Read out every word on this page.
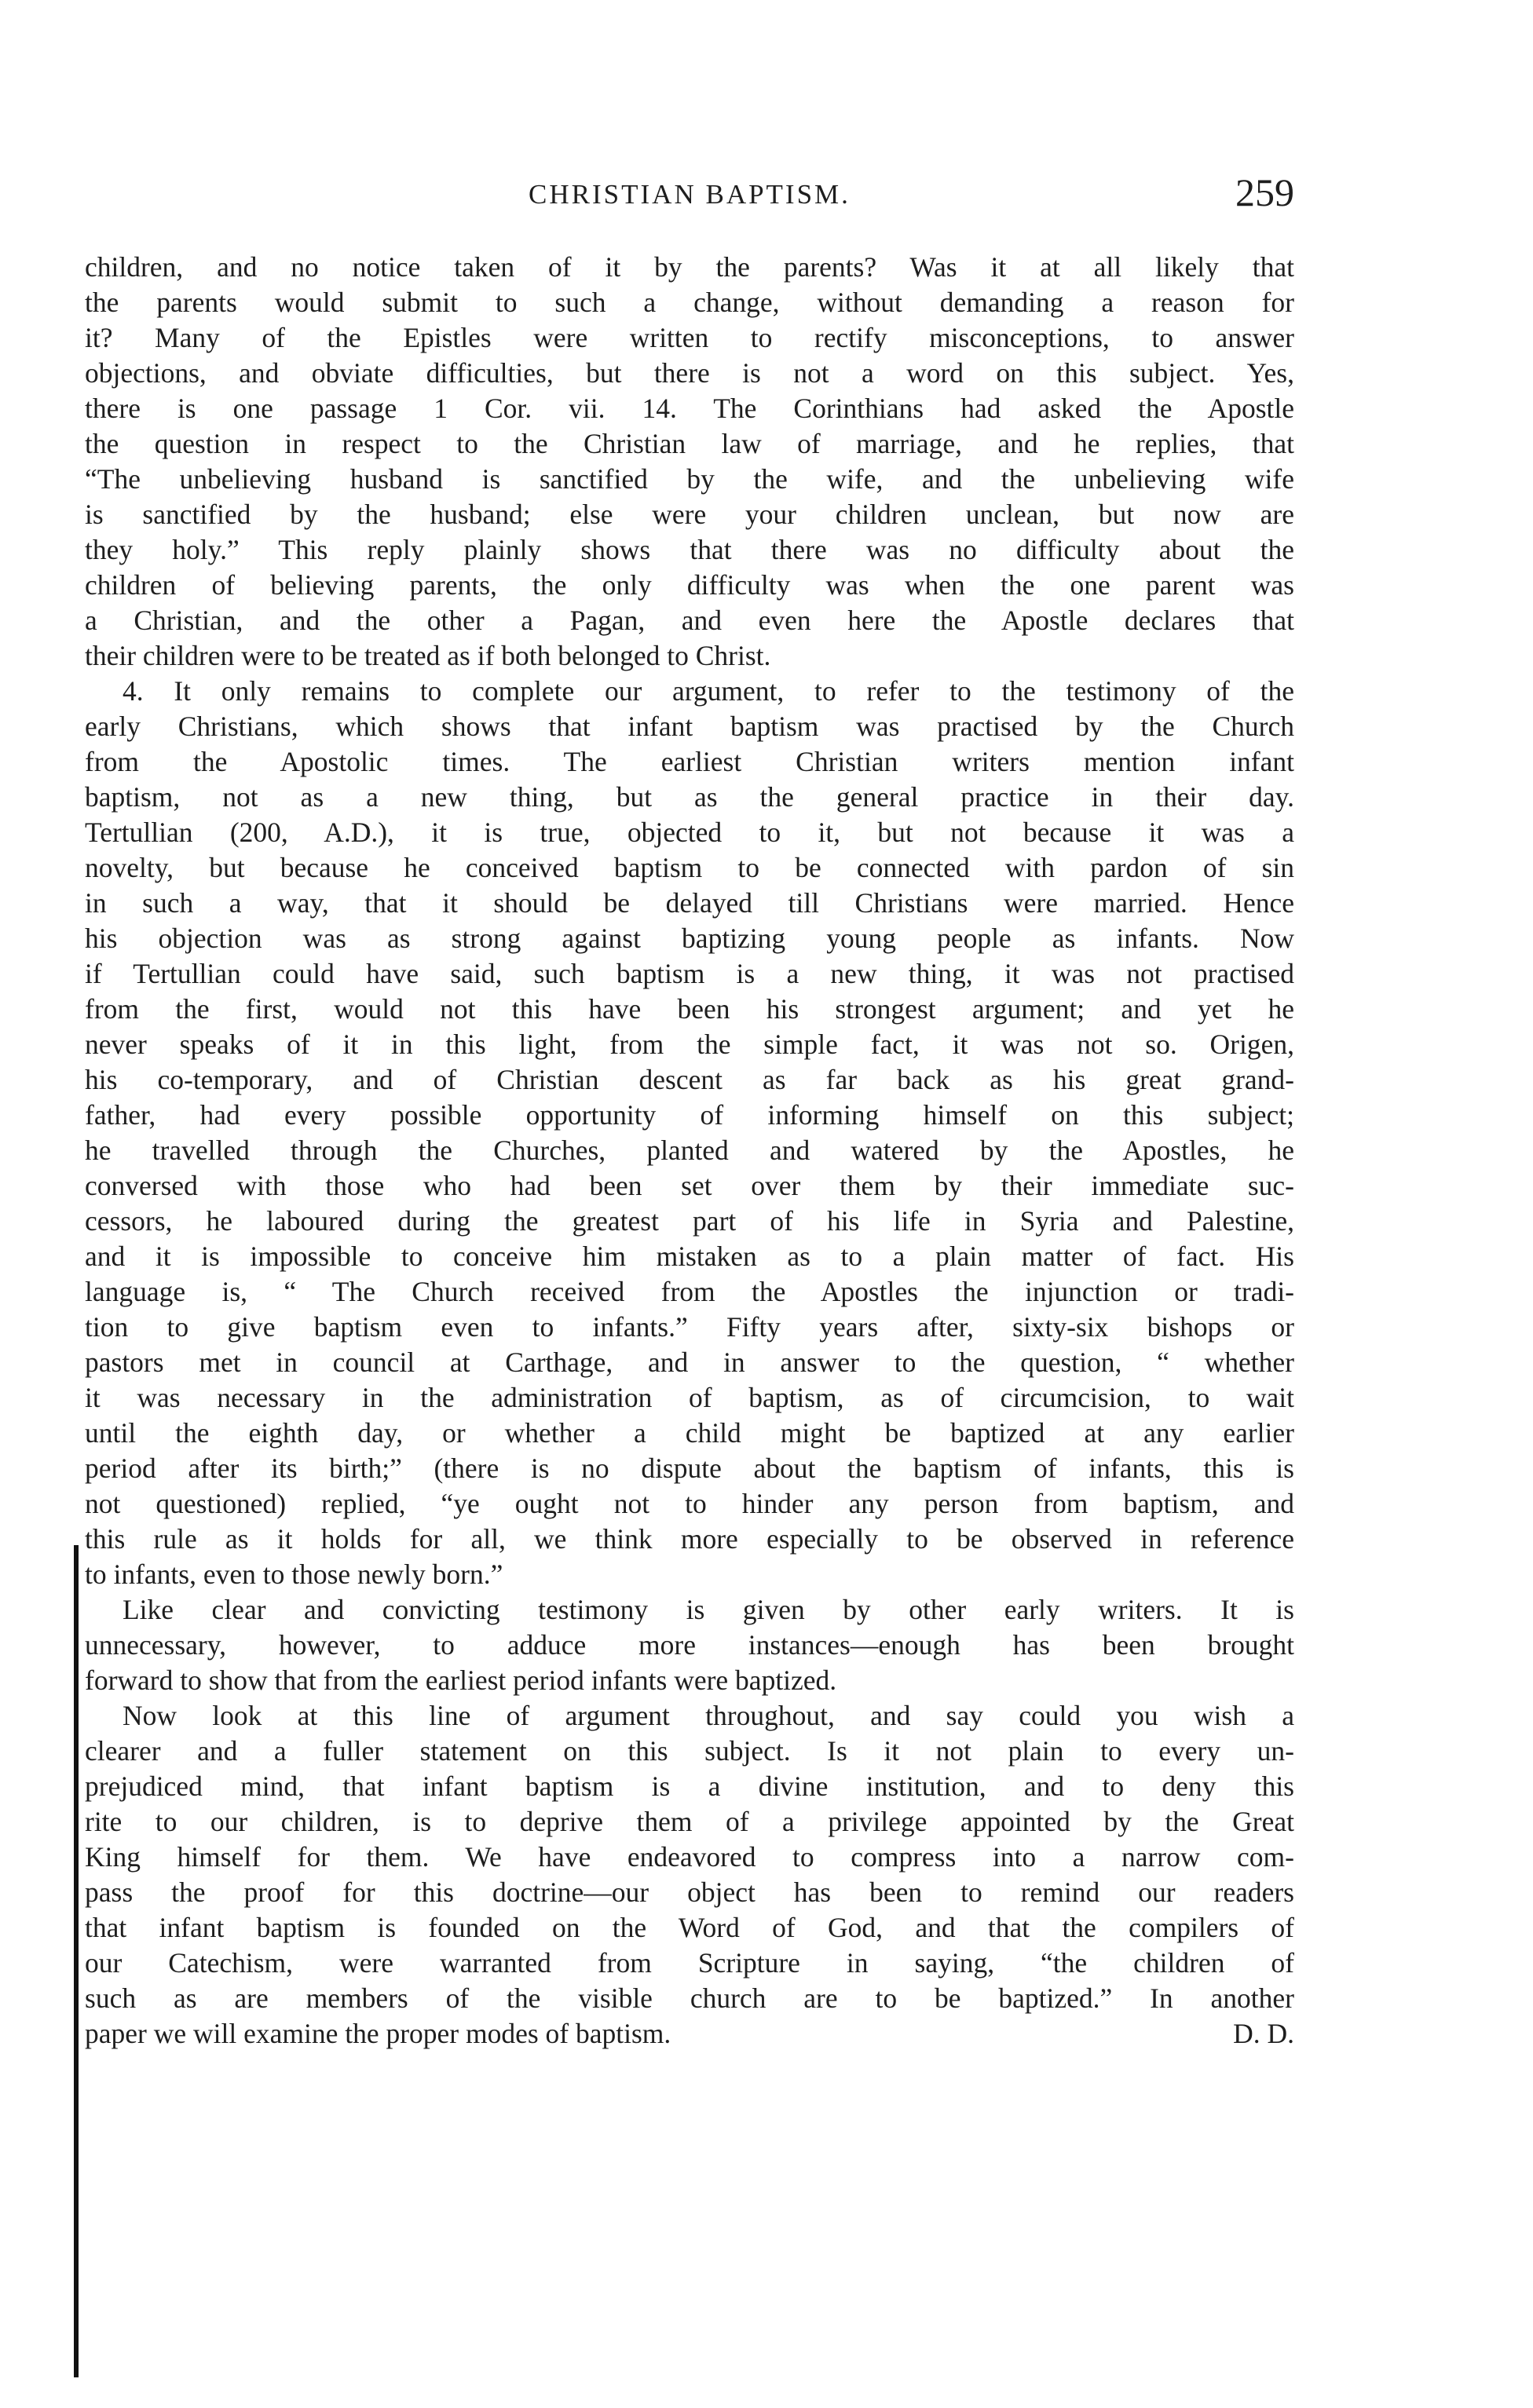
CHRISTIAN BAPTISM.	259
children, and no notice taken of it by the parents? Was it at all likely that
the parents would submit to such a change, without demanding a reason for
it? Many of the Epistles were written to rectify misconceptions, to answer
objections, and obviate difficulties, but there is not a word on this subject. Yes,
there is one passage 1 Cor. vii. 14. The Corinthians had asked the Apostle
the question in respect to the Christian law of marriage, and he replies, that
“The unbelieving husband is sanctified by the wife, and the unbelieving wife
is sanctified by the husband; else were your children unclean, but now are
they holy.” This reply plainly shows that there was no difficulty about the
children of believing parents, the only difficulty was when the one parent was
a Christian, and the other a Pagan, and even here the Apostle declares that
their children were to be treated as if both belonged to Christ.
4. It only remains to complete our argument, to refer to the testimony of the
early Christians, which shows that infant baptism was practised by the Church
from the Apostolic times. The earliest Christian writers mention infant
baptism, not as a new thing, but as the general practice in their day.
Tertullian (200, A.D.), it is true, objected to it, but not because it was a
novelty, but because he conceived baptism to be connected with pardon of sin
in such a way, that it should be delayed till Christians were married. Hence
his objection was as strong against baptizing young people as infants. Now
if Tertullian could have said, such baptism is a new thing, it was not practised
from the first, would not this have been his strongest argument; and yet he
never speaks of it in this light, from the simple fact, it was not so. Origen,
his co-temporary, and of Christian descent as far back as his great grand-
father, had every possible opportunity of informing himself on this subject;
he travelled through the Churches, planted and watered by the Apostles, he
conversed with those who had been set over them by their immediate suc-
cessors, he laboured during the greatest part of his life in Syria and Palestine,
and it is impossible to conceive him mistaken as to a plain matter of fact. His
language is, “ The Church received from the Apostles the injunction or tradi-
tion to give baptism even to infants.” Fifty years after, sixty-six bishops or
pastors met in council at Carthage, and in answer to the question, “ whether
it was necessary in the administration of baptism, as of circumcision, to wait
until the eighth day, or whether a child might be baptized at any earlier
period after its birth;” (there is no dispute about the baptism of infants, this is
not questioned) replied, “ye ought not to hinder any person from baptism, and
this rule as it holds for all, we think more especially to be observed in reference
to infants, even to those newly born.”
Like clear and convicting testimony is given by other early writers. It is
unnecessary, however, to adduce more instances—enough has been brought
forward to show that from the earliest period infants were baptized.
Now look at this line of argument throughout, and say could you wish a
clearer and a fuller statement on this subject. Is it not plain to every un-
prejudiced mind, that infant baptism is a divine institution, and to deny this
rite to our children, is to deprive them of a privilege appointed by the Great
King himself for them. We have endeavored to compress into a narrow com-
pass the proof for this doctrine—our object has been to remind our readers
that infant baptism is founded on the Word of God, and that the compilers of
our Catechism, were warranted from Scripture in saying, “the children of
such as are members of the visible church are to be baptized.” In another
paper we will examine the proper modes of baptism.	D. D.
